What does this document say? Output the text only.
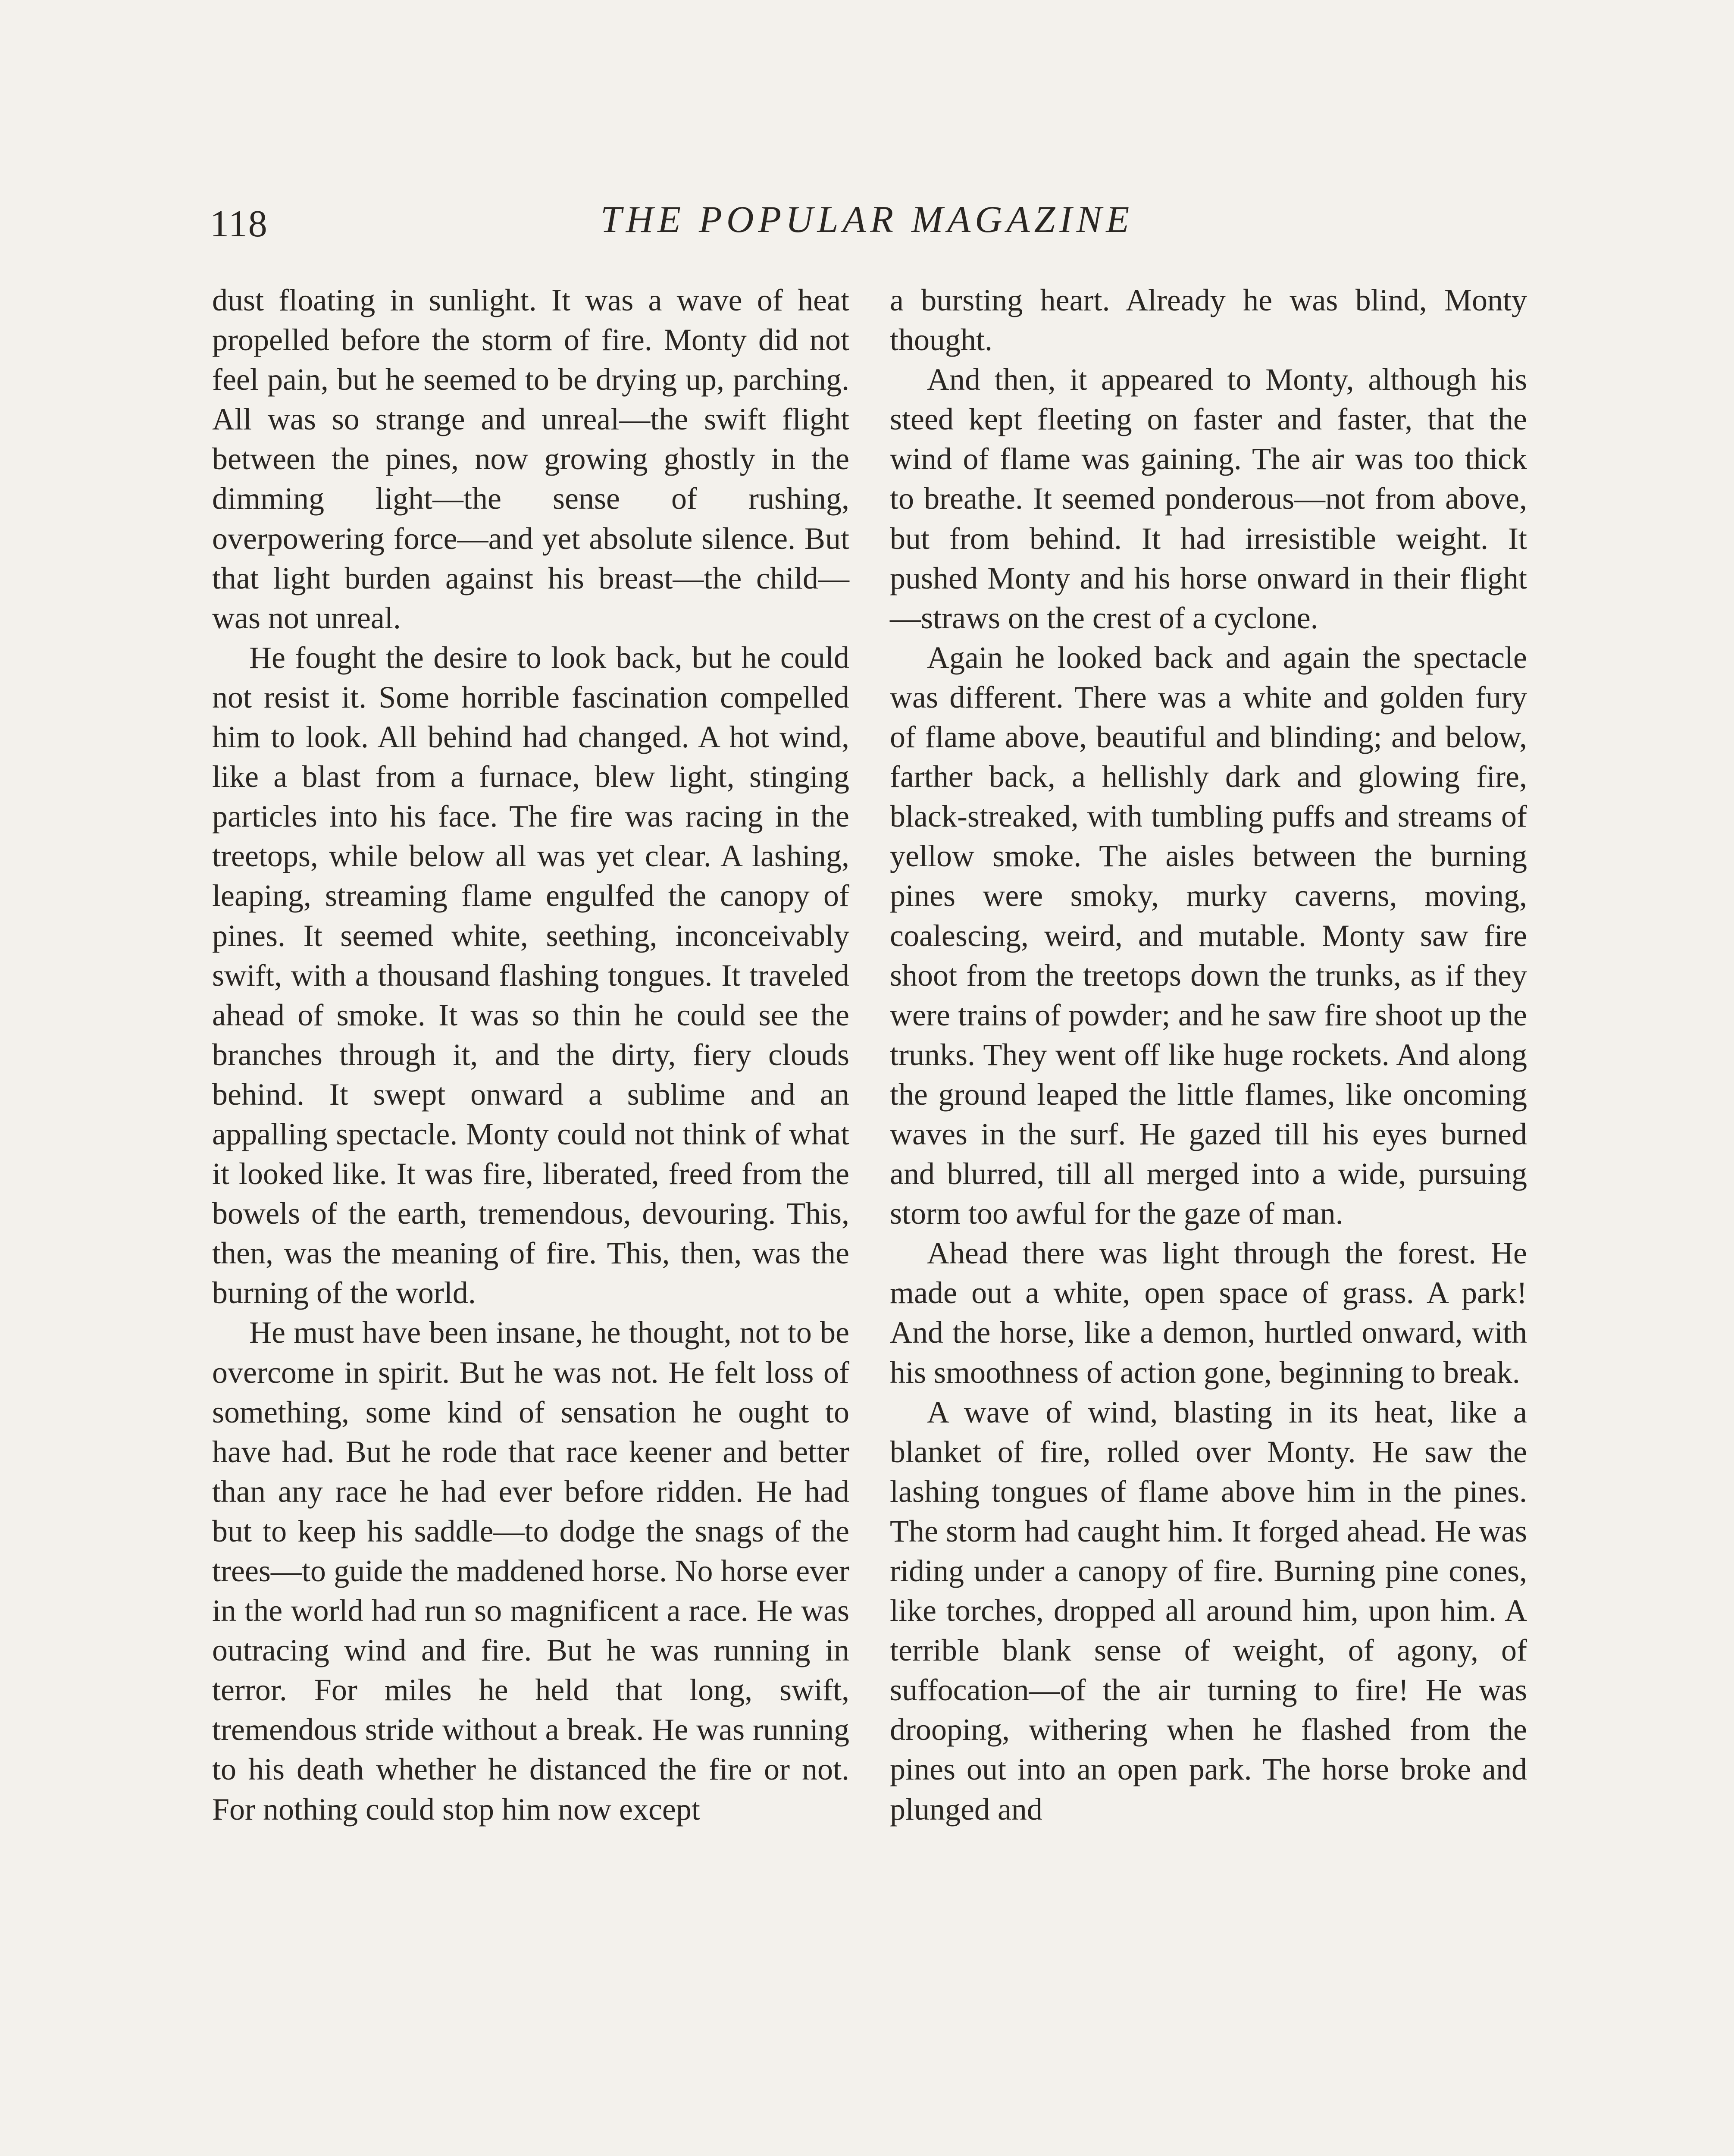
118	THE POPULAR MAGAZINE

dust floating in sunlight. It was a wave of heat propelled before the storm of fire. Monty did not feel pain, but he seemed to be drying up, parching. All was so strange and unreal—the swift flight between the pines, now growing ghostly in the dimming light—the sense of rushing, overpowering force—and yet absolute silence. But that light burden against his breast—the child—was not unreal.

He fought the desire to look back, but he could not resist it. Some horrible fascination compelled him to look. All behind had changed. A hot wind, like a blast from a furnace, blew light, stinging particles into his face. The fire was racing in the treetops, while below all was yet clear. A lashing, leaping, streaming flame engulfed the canopy of pines. It seemed white, seething, inconceivably swift, with a thousand flashing tongues. It traveled ahead of smoke. It was so thin he could see the branches through it, and the dirty, fiery clouds behind. It swept onward a sublime and an appalling spectacle. Monty could not think of what it looked like. It was fire, liberated, freed from the bowels of the earth, tremendous, devouring. This, then, was the meaning of fire. This, then, was the burning of the world.

He must have been insane, he thought, not to be overcome in spirit. But he was not. He felt loss of something, some kind of sensation he ought to have had. But he rode that race keener and better than any race he had ever before ridden. He had but to keep his saddle—to dodge the snags of the trees—to guide the maddened horse. No horse ever in the world had run so magnificent a race. He was outracing wind and fire. But he was running in terror. For miles he held that long, swift, tremendous stride without a break. He was running to his death whether he distanced the fire or not. For nothing could stop him now except

a bursting heart. Already he was blind, Monty thought.

And then, it appeared to Monty, although his steed kept fleeting on faster and faster, that the wind of flame was gaining. The air was too thick to breathe. It seemed ponderous—not from above, but from behind. It had irresistible weight. It pushed Monty and his horse onward in their flight—straws on the crest of a cyclone.

Again he looked back and again the spectacle was different. There was a white and golden fury of flame above, beautiful and blinding; and below, farther back, a hellishly dark and glowing fire, black-streaked, with tumbling puffs and streams of yellow smoke. The aisles between the burning pines were smoky, murky caverns, moving, coalescing, weird, and mutable. Monty saw fire shoot from the treetops down the trunks, as if they were trains of powder; and he saw fire shoot up the trunks. They went off like huge rockets. And along the ground leaped the little flames, like oncoming waves in the surf. He gazed till his eyes burned and blurred, till all merged into a wide, pursuing storm too awful for the gaze of man.

Ahead there was light through the forest. He made out a white, open space of grass. A park! And the horse, like a demon, hurtled onward, with his smoothness of action gone, beginning to break.

A wave of wind, blasting in its heat, like a blanket of fire, rolled over Monty. He saw the lashing tongues of flame above him in the pines. The storm had caught him. It forged ahead. He was riding under a canopy of fire. Burning pine cones, like torches, dropped all around him, upon him. A terrible blank sense of weight, of agony, of suffocation—of the air turning to fire! He was drooping, withering when he flashed from the pines out into an open park. The horse broke and plunged and
